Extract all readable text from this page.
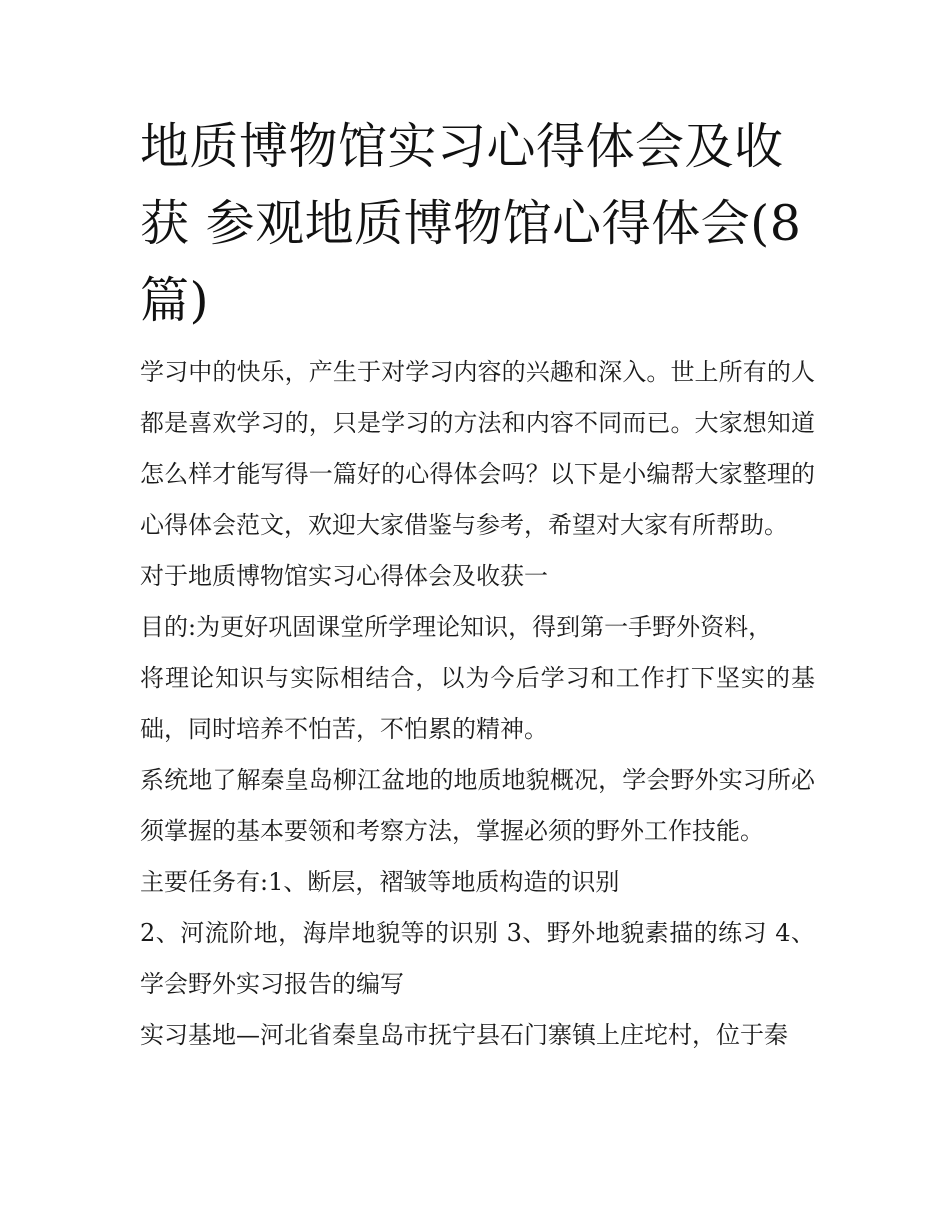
地质博物馆实习心得体会及收获 参观地质博物馆心得体会(8篇)

学习中的快乐，产生于对学习内容的兴趣和深入。世上所有的人都是喜欢学习的，只是学习的方法和内容不同而已。大家想知道怎么样才能写得一篇好的心得体会吗？以下是小编帮大家整理的心得体会范文，欢迎大家借鉴与参考，希望对大家有所帮助。

对于地质博物馆实习心得体会及收获一

目的:为更好巩固课堂所学理论知识，得到第一手野外资料，

将理论知识与实际相结合，以为今后学习和工作打下坚实的基础，同时培养不怕苦，不怕累的精神。

系统地了解秦皇岛柳江盆地的地质地貌概况，学会野外实习所必须掌握的基本要领和考察方法，掌握必须的野外工作技能。

主要任务有:1、断层，褶皱等地质构造的识别

2、河流阶地，海岸地貌等的识别 3、野外地貌素描的练习 4、学会野外实习报告的编写

实习基地—河北省秦皇岛市抚宁县石门寨镇上庄坨村，位于秦
